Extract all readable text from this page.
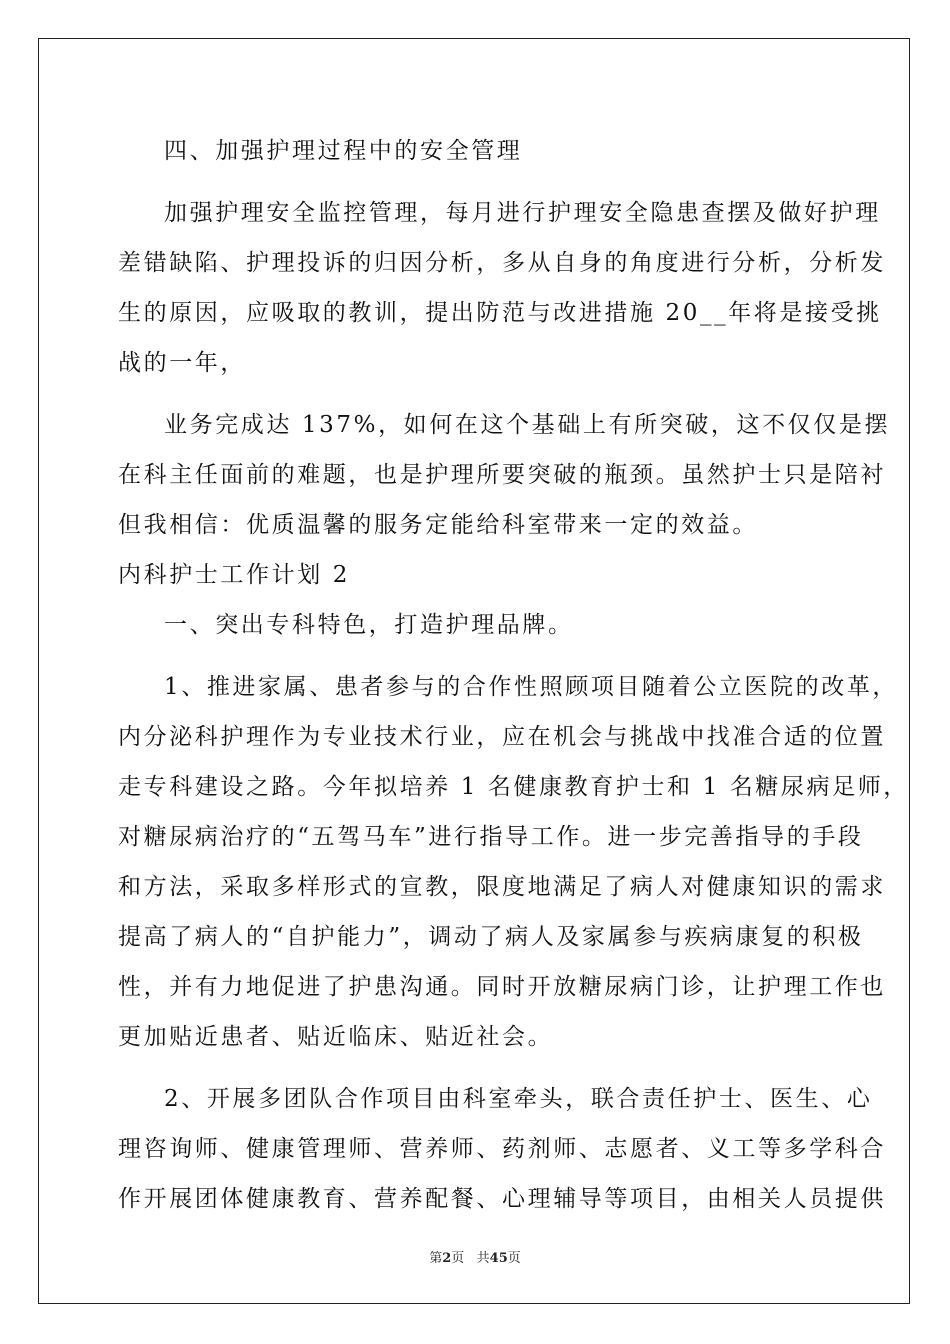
四、加强护理过程中的安全管理
加强护理安全监控管理，每月进行护理安全隐患查摆及做好护理
差错缺陷、护理投诉的归因分析，多从自身的角度进行分析，分析发
生的原因，应吸取的教训，提出防范与改进措施 20__年将是接受挑
战的一年，
业务完成达 137%，如何在这个基础上有所突破，这不仅仅是摆
在科主任面前的难题，也是护理所要突破的瓶颈。虽然护士只是陪衬
但我相信：优质温馨的服务定能给科室带来一定的效益。
内科护士工作计划 2
一、突出专科特色，打造护理品牌。
1、推进家属、患者参与的合作性照顾项目随着公立医院的改革，
内分泌科护理作为专业技术行业，应在机会与挑战中找准合适的位置
走专科建设之路。今年拟培养 1 名健康教育护士和 1 名糖尿病足师，
对糖尿病治疗的“五驾马车”进行指导工作。进一步完善指导的手段
和方法，采取多样形式的宣教，限度地满足了病人对健康知识的需求
提高了病人的“自护能力”，调动了病人及家属参与疾病康复的积极
性，并有力地促进了护患沟通。同时开放糖尿病门诊，让护理工作也
更加贴近患者、贴近临床、贴近社会。
2、开展多团队合作项目由科室牵头，联合责任护士、医生、心
理咨询师、健康管理师、营养师、药剂师、志愿者、义工等多学科合
作开展团体健康教育、营养配餐、心理辅导等项目，由相关人员提供
第2页   共45页
